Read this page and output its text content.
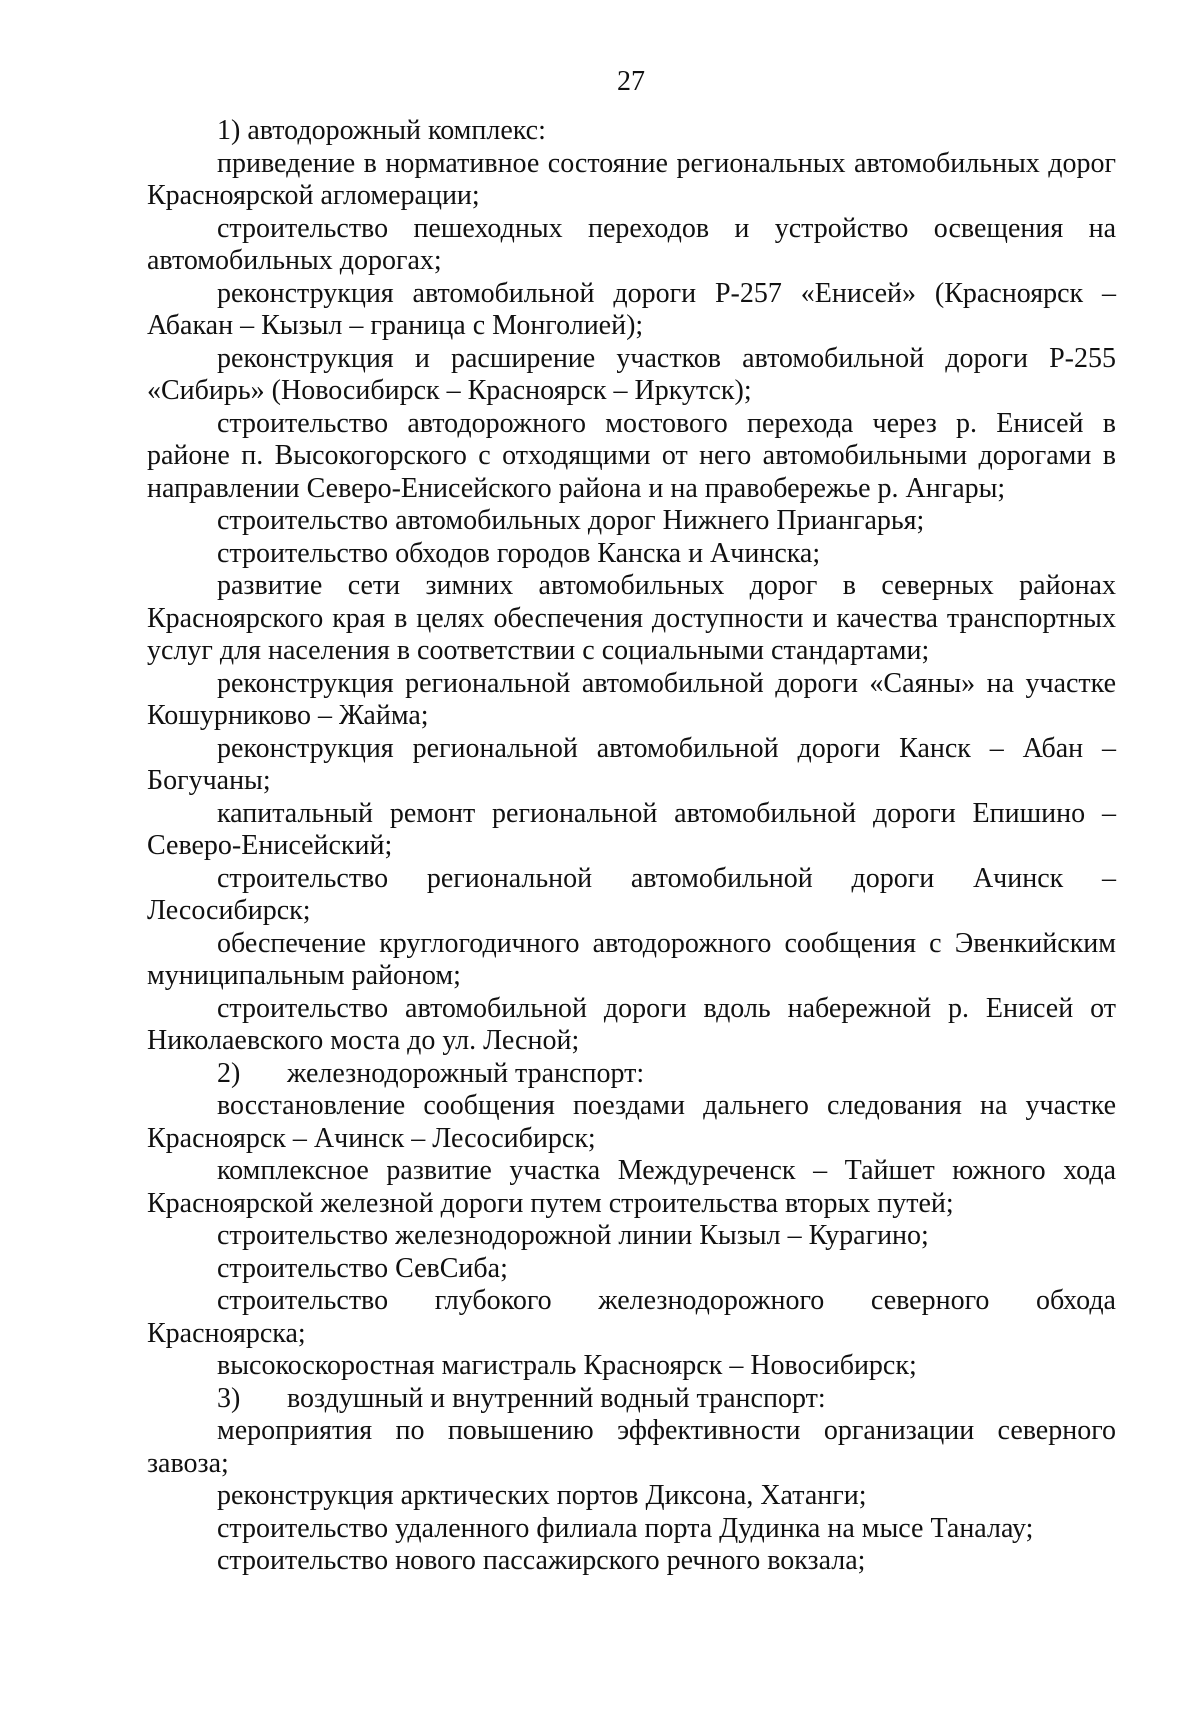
27

1) автодорожный комплекс:

приведение в нормативное состояние региональных автомобильных дорог Красноярской агломерации;

строительство пешеходных переходов и устройство освещения на автомобильных дорогах;

реконструкция автомобильной дороги Р-257 «Енисей» (Красноярск – Абакан – Кызыл – граница с Монголией);

реконструкция и расширение участков автомобильной дороги Р-255 «Сибирь» (Новосибирск – Красноярск – Иркутск);

строительство автодорожного мостового перехода через р. Енисей в районе п. Высокогорского с отходящими от него автомобильными дорогами в направлении Северо-Енисейского района и на правобережье р. Ангары;

строительство автомобильных дорог Нижнего Приангарья;

строительство обходов городов Канска и Ачинска;

развитие сети зимних автомобильных дорог в северных районах Красноярского края в целях обеспечения доступности и качества транспортных услуг для населения в соответствии с социальными стандартами;

реконструкция региональной автомобильной дороги «Саяны» на участке Кошурниково – Жайма;

реконструкция региональной автомобильной дороги Канск – Абан – Богучаны;

капитальный ремонт региональной автомобильной дороги Епишино – Северо-Енисейский;

строительство региональной автомобильной дороги Ачинск – Лесосибирск;

обеспечение круглогодичного автодорожного сообщения с Эвенкийским муниципальным районом;

строительство автомобильной дороги вдоль набережной р. Енисей от Николаевского моста до ул. Лесной;

2) железнодорожный транспорт:

восстановление сообщения поездами дальнего следования на участке Красноярск – Ачинск – Лесосибирск;

комплексное развитие участка Междуреченск – Тайшет южного хода Красноярской железной дороги путем строительства вторых путей;

строительство железнодорожной линии Кызыл – Курагино;

строительство СевСиба;

строительство глубокого железнодорожного северного обхода Красноярска;

высокоскоростная магистраль Красноярск – Новосибирск;

3) воздушный и внутренний водный транспорт:

мероприятия по повышению эффективности организации северного завоза;

реконструкция арктических портов Диксона, Хатанги;

строительство удаленного филиала порта Дудинка на мысе Таналау;

строительство нового пассажирского речного вокзала;
